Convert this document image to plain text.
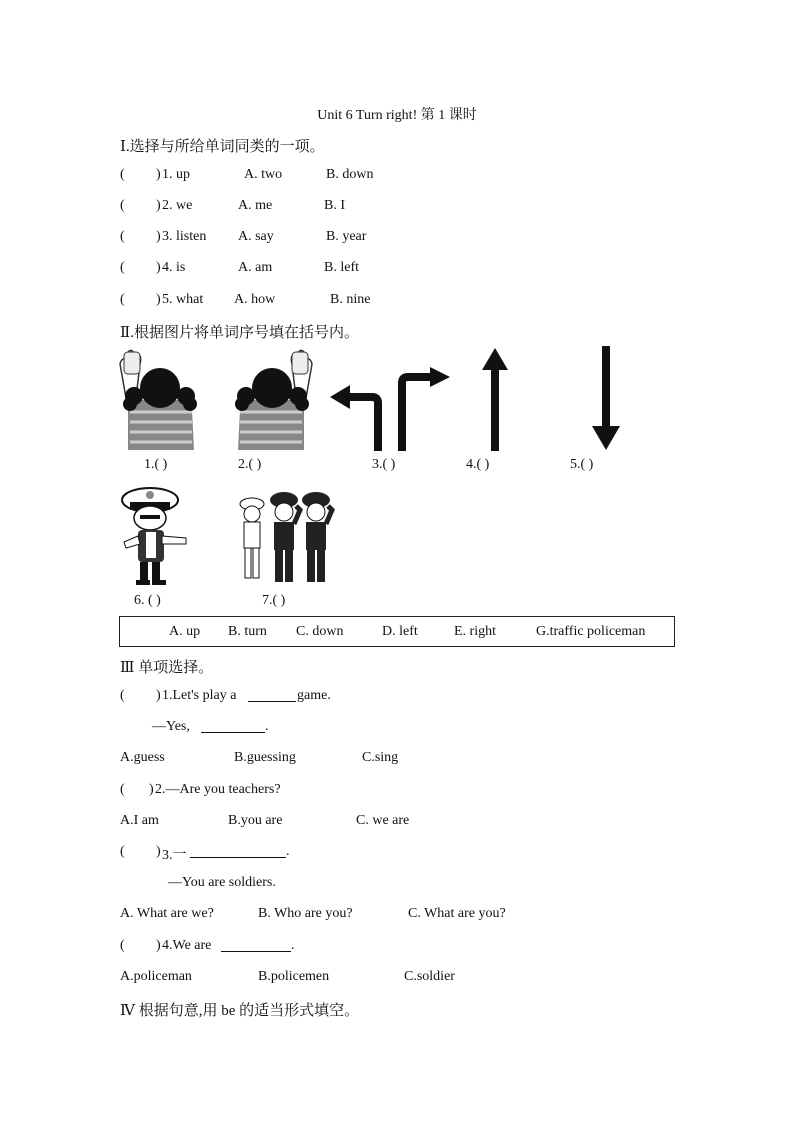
Unit 6 Turn right! 第 1 课时
Ⅰ.选择与所给单词同类的一项。
( ) 1. up	A. two	B. down
( ) 2. we	A. me	B. I
( ) 3. listen A. say	B. year
( ) 4. is	A. am	B. left
( ) 5. what A. how	B. nine
Ⅱ.根据图片将单词序号填在括号内。
1.( )	2.( )	3.( )	4.( )	5.( )
6. ( )	7.( )
A. up B. turn C. down	D. left	E. right	G.traffic policeman
Ⅲ 单项选择。
( ) 1.Let's play a	game.
—Yes,	.
A.guess	B.guessing	C.sing
( ) 2.—Are you teachers?
A.I am	B.you are	C. we are
( ) 3.一	.
—You are soldiers.
A. What are we?	B. Who are you?	C. What are you?
( ) 4.We are	.
A.policeman	B.policemen	C.soldier
Ⅳ 根据句意,用 be 的适当形式填空。
